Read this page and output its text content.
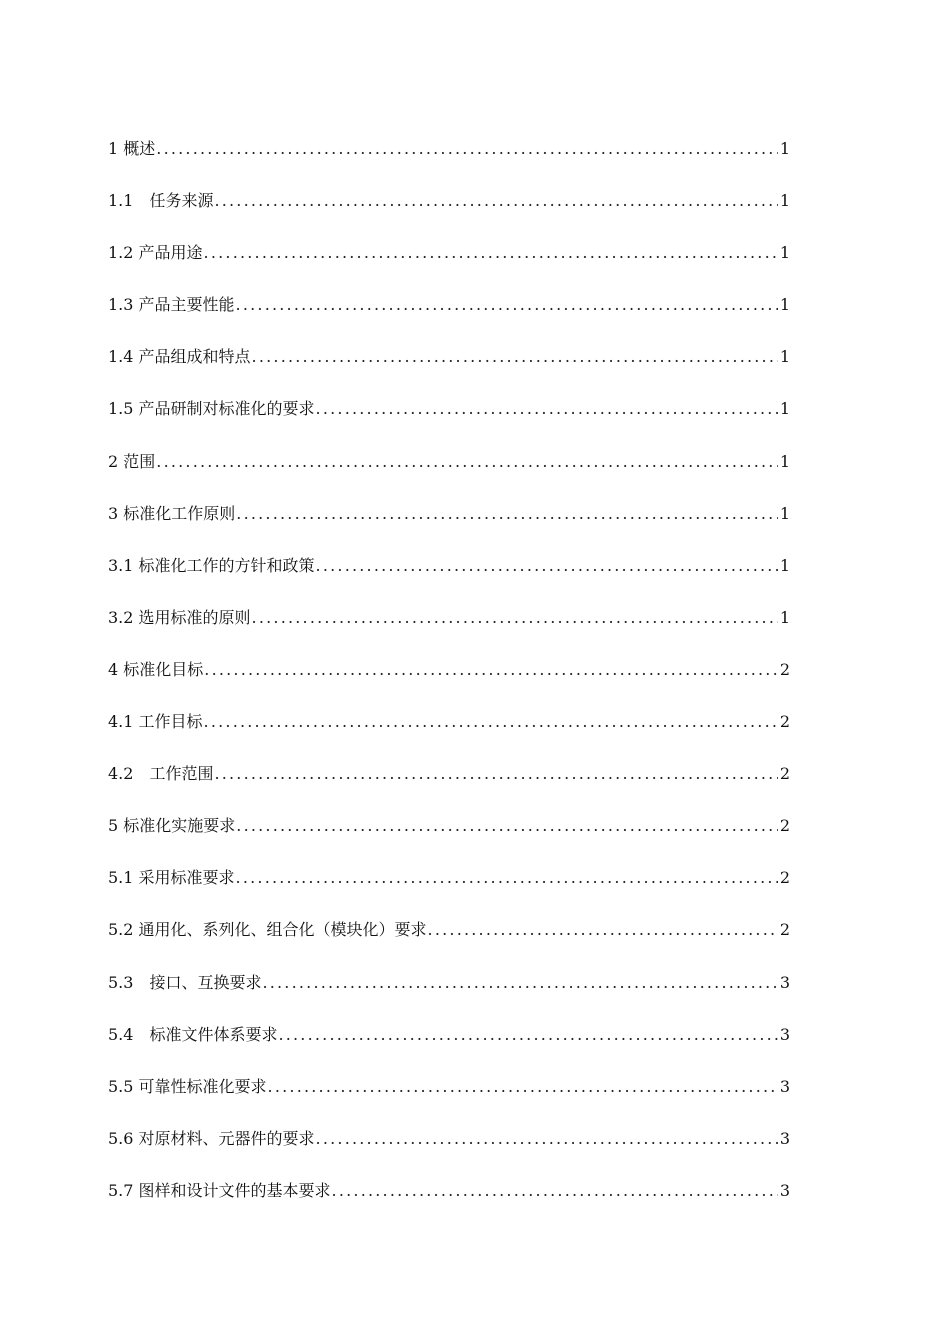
1 概述 .....	1
1.1　任务来源 .....	1
1.2 产品用途 .....	1
1.3 产品主要性能 .....	1
1.4 产品组成和特点 .....	1
1.5 产品研制对标准化的要求 .....	1
2 范围 .....	1
3 标准化工作原则 .....	1
3.1 标准化工作的方针和政策 .....	1
3.2 选用标准的原则 .....	1
4 标准化目标 .....	2
4.1 工作目标 .....	2
4.2　工作范围 .....	2
5 标准化实施要求 .....	2
5.1 采用标准要求 .....	2
5.2 通用化、系列化、组合化（模块化）要求 .....	2
5.3　接口、互换要求 .....	3
5.4　标准文件体系要求 .....	3
5.5 可靠性标准化要求 .....	3
5.6 对原材料、元器件的要求 .....	3
5.7 图样和设计文件的基本要求 .....	3
